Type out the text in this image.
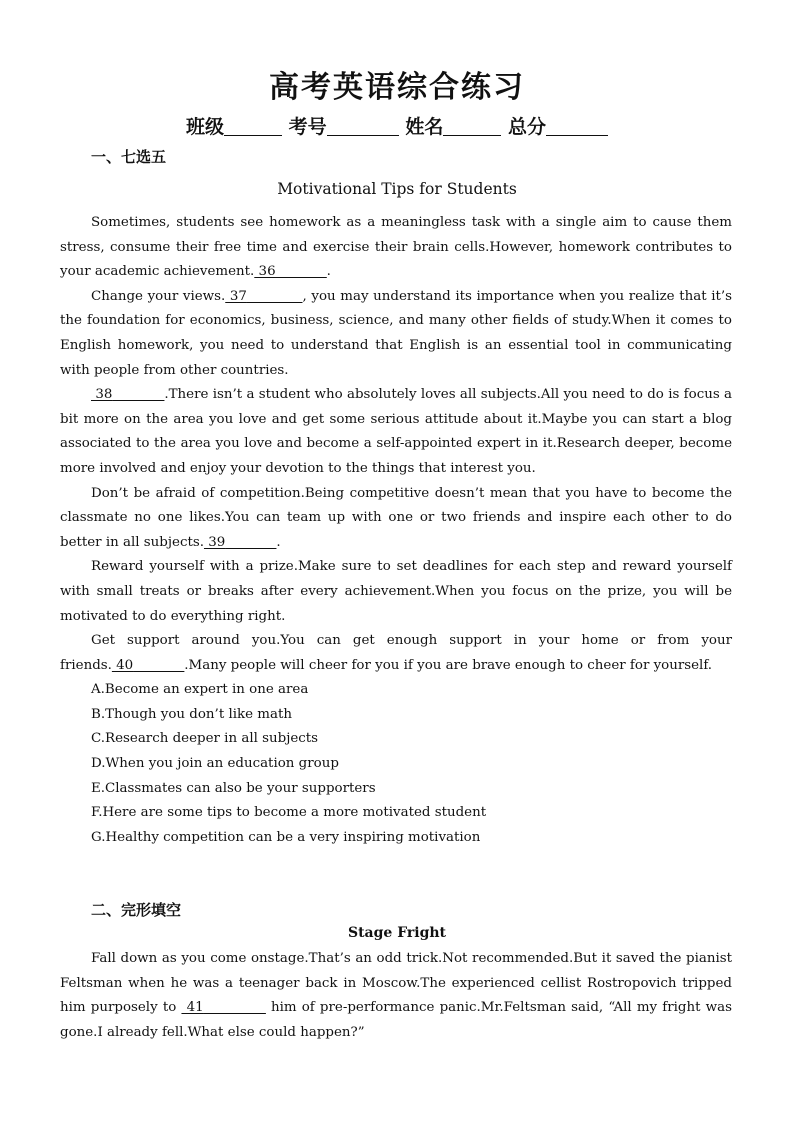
高考英语综合练习
班级	考号	姓名	总分
一、七选五
Motivational Tips for Students

Sometimes, students see homework as a meaningless task with a single aim to cause them stress, consume their free time and exercise their brain cells.However, homework contributes to your academic achievement. 36	.

Change your views. 37	, you may understand its importance when you realize that it’s the foundation for economics, business, science, and many other fields of study.When it comes to English homework, you need to understand that English is an essential tool in communicating with people from other countries.

38	.There isn’t a student who absolutely loves all subjects.All you need to do is focus a bit more on the area you love and get some serious attitude about it.Maybe you can start a blog associated to the area you love and become a self-appointed expert in it.Research deeper, become more involved and enjoy your devotion to the things that interest you.

Don’t be afraid of competition.Being competitive doesn’t mean that you have to become the classmate no one likes.You can team up with one or two friends and inspire each other to do better in all subjects. 39	.

Reward yourself with a prize.Make sure to set deadlines for each step and reward yourself with small treats or breaks after every achievement.When you focus on the prize, you will be motivated to do everything right.

Get support around you.You can get enough support in your home or from your friends. 40	.Many people will cheer for you if you are brave enough to cheer for yourself.

A.Become an expert in one area
B.Though you don’t like math
C.Research deeper in all subjects
D.When you join an education group
E.Classmates can also be your supporters
F.Here are some tips to become a more motivated student
G.Healthy competition can be a very inspiring motivation
二、完形填空
Stage Fright

Fall down as you come onstage.That’s an odd trick.Not recommended.But it saved the pianist Feltsman when he was a teenager back in Moscow.The experienced cellist Rostropovich tripped him purposely to  41	him of pre-performance panic.Mr.Feltsman said, “All my fright was gone.I already fell.What else could happen?”
